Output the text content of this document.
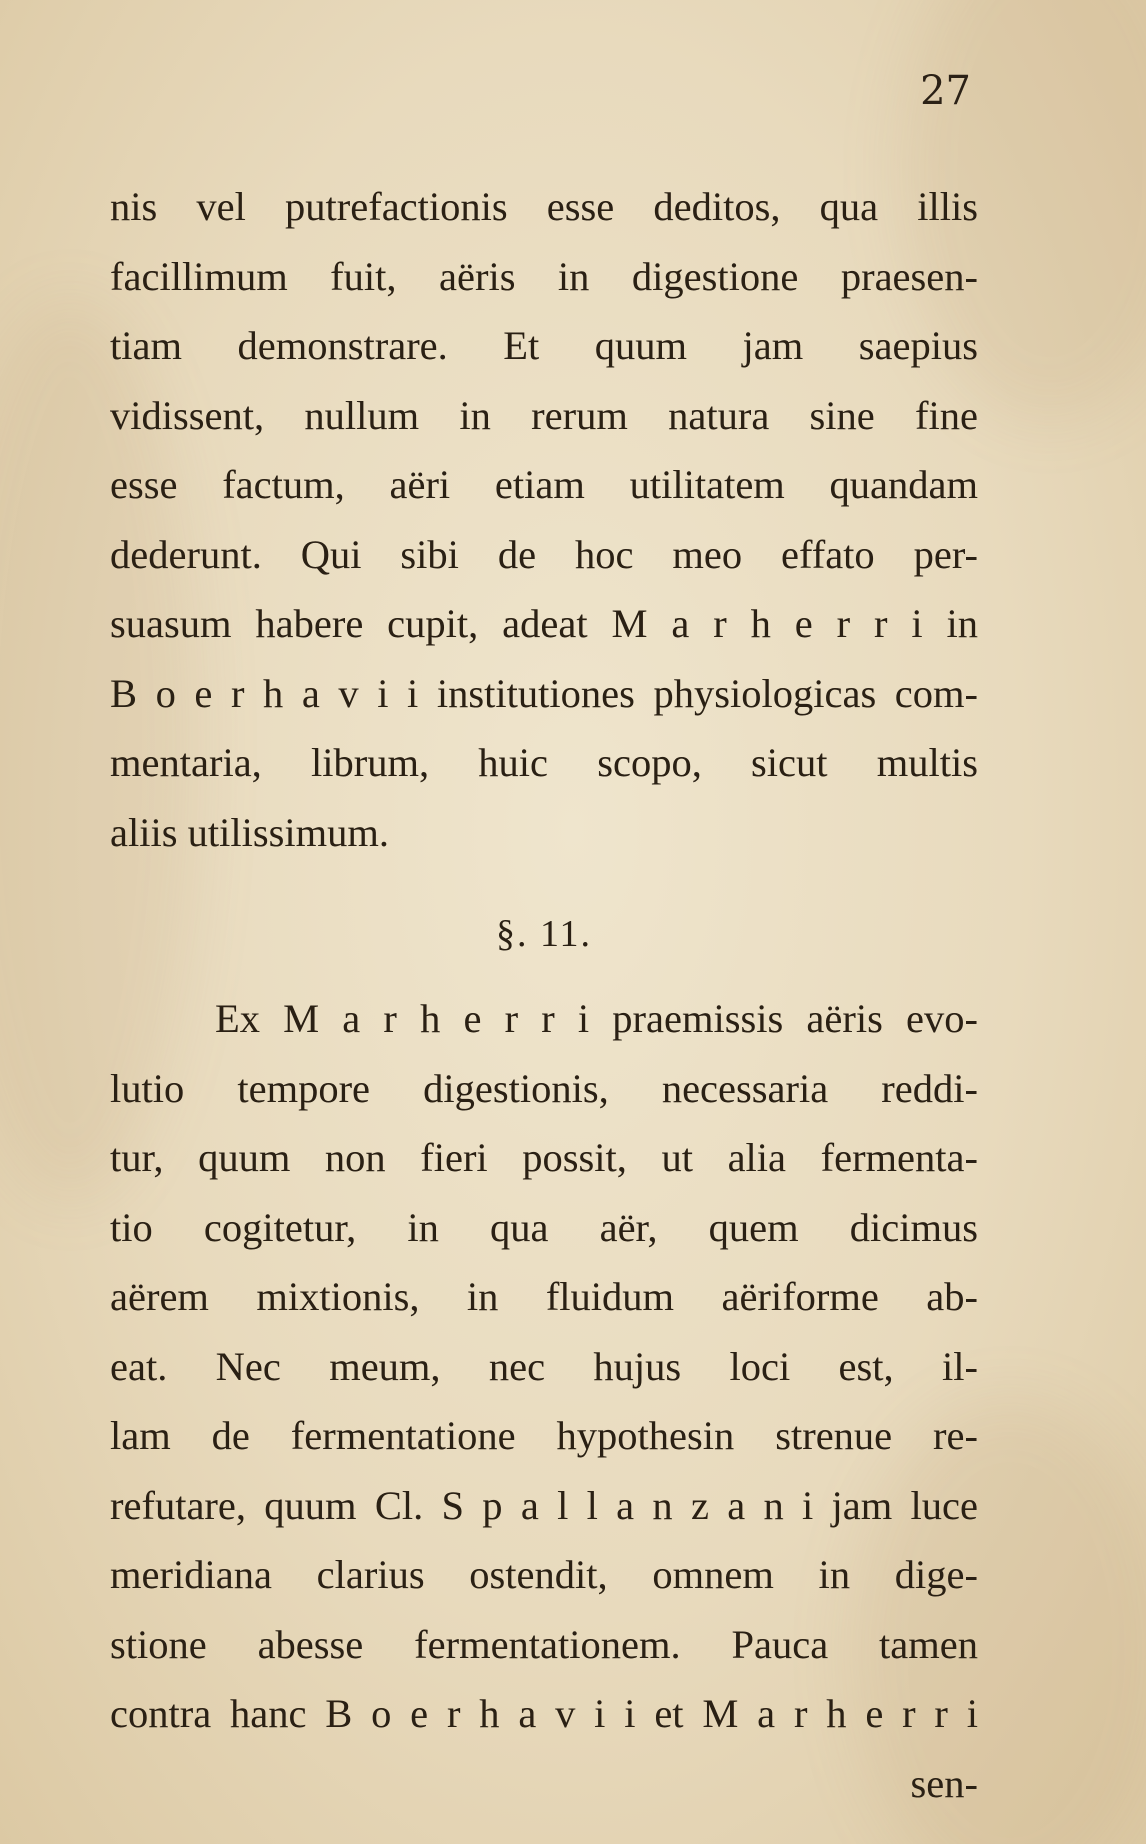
27
nis vel putrefactionis esse deditos, qua illis
facillimum fuit, aëris in digestione praesen-
tiam demonstrare. Et quum jam saepius
vidissent, nullum in rerum natura sine fine
esse factum, aëri etiam utilitatem quandam
dederunt. Qui sibi de hoc meo effato per-
suasum habere cupit, adeat M a r h e r r i in
B o e r h a v i i institutiones physiologicas com-
mentaria, librum, huic scopo, sicut multis
aliis utilissimum.
§. 11.
Ex M a r h e r r i praemissis aëris evo-
lutio tempore digestionis, necessaria reddi-
tur, quum non fieri possit, ut alia fermenta-
tio cogitetur, in qua aër, quem dicimus
aërem mixtionis, in fluidum aëriforme ab-
eat. Nec meum, nec hujus loci est, il-
lam de fermentatione hypothesin strenue re-
refutare, quum Cl. S p a l l a n z a n i jam luce
meridiana clarius ostendit, omnem in dige-
stione abesse fermentationem. Pauca tamen
contra hanc B o e r h a v i i et M a r h e r r i
sen-
